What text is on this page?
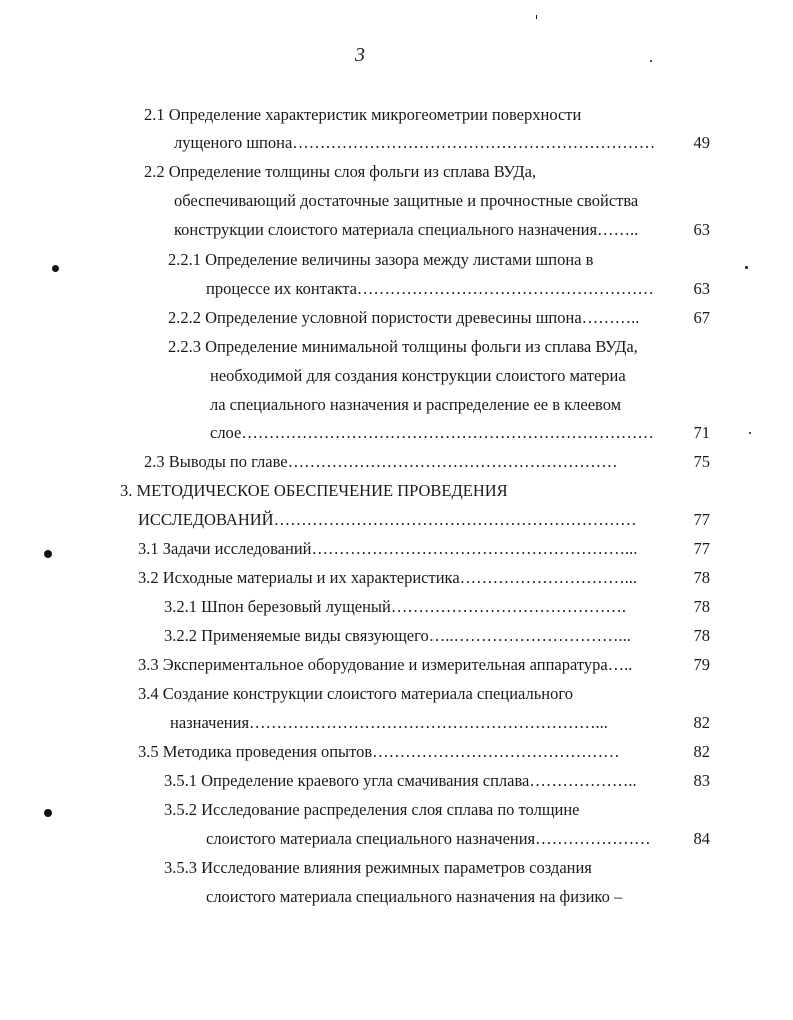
3
2.1 Определение характеристик микрогеометрии поверхности
лущеного шпона…………………………………………………………	49
2.2 Определение толщины слоя фольги из сплава ВУДа,
обеспечивающий достаточные защитные и прочностные свойства
конструкции слоистого материала специального назначения……..	63
2.2.1 Определение величины зазора между листами шпона в
процессе их контакта………………………………………………	63
2.2.2 Определение условной пористости древесины шпона………..	67
2.2.3 Определение минимальной толщины фольги из сплава ВУДа,
необходимой для создания конструкции слоистого материа
ла специального назначения и распределение ее в клеевом
слое…………………………………………………………………	71
2.3 Выводы по главе……………………………………………………	75
3. МЕТОДИЧЕСКОЕ ОБЕСПЕЧЕНИЕ ПРОВЕДЕНИЯ
ИССЛЕДОВАНИЙ…………………………………………………………	77
3.1 Задачи исследований…………………………………………………...	77
3.2 Исходные материалы и их характеристика…………………………...	78
3.2.1 Шпон березовый лущеный…………………………………….	78
3.2.2 Применяемые виды связующего…..…………………………...	78
3.3 Экспериментальное оборудование и измерительная аппаратура…..	79
3.4 Создание конструкции слоистого материала специального
назначения………………………………………………………...	82
3.5 Методика проведения опытов………………………………………	82
3.5.1 Определение краевого угла смачивания сплава………………..	83
3.5.2 Исследование распределения слоя сплава по толщине
слоистого материала специального назначения…………………	84
3.5.3 Исследование влияния режимных параметров создания
слоистого материала специального назначения на физико –
